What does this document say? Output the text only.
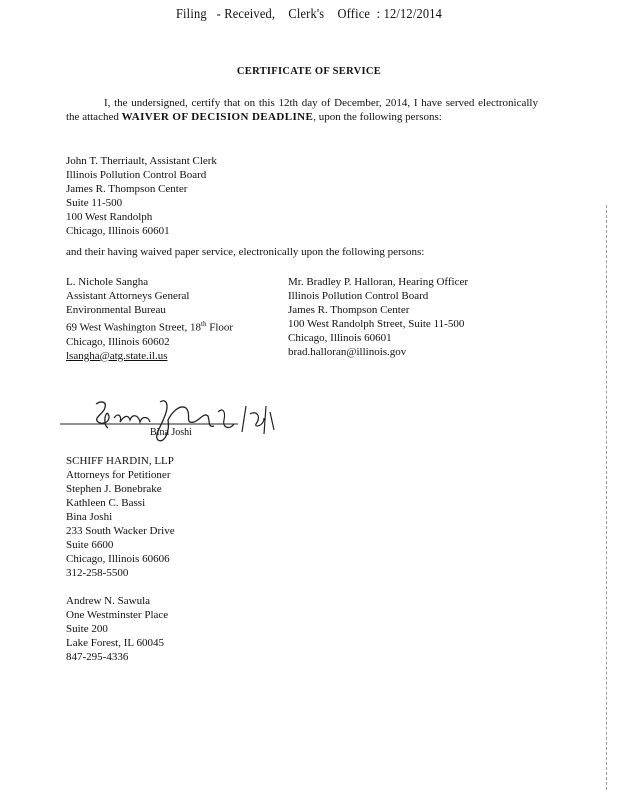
Filing - Received, Clerk's Office : 12/12/2014
CERTIFICATE OF SERVICE
I, the undersigned, certify that on this 12th day of December, 2014, I have served electronically the attached WAIVER OF DECISION DEADLINE, upon the following persons:
John T. Therriault, Assistant Clerk
Illinois Pollution Control Board
James R. Thompson Center
Suite 11-500
100 West Randolph
Chicago, Illinois 60601
and their having waived paper service, electronically upon the following persons:
L. Nichole Sangha
Assistant Attorneys General
Environmental Bureau
69 West Washington Street, 18th Floor
Chicago, Illinois 60602
lsangha@atg.state.il.us
Mr. Bradley P. Halloran, Hearing Officer
Illinois Pollution Control Board
James R. Thompson Center
100 West Randolph Street, Suite 11-500
Chicago, Illinois 60601
brad.halloran@illinois.gov
Bina Joshi
SCHIFF HARDIN, LLP
Attorneys for Petitioner
Stephen J. Bonebrake
Kathleen C. Bassi
Bina Joshi
233 South Wacker Drive
Suite 6600
Chicago, Illinois 60606
312-258-5500
Andrew N. Sawula
One Westminster Place
Suite 200
Lake Forest, IL 60045
847-295-4336
